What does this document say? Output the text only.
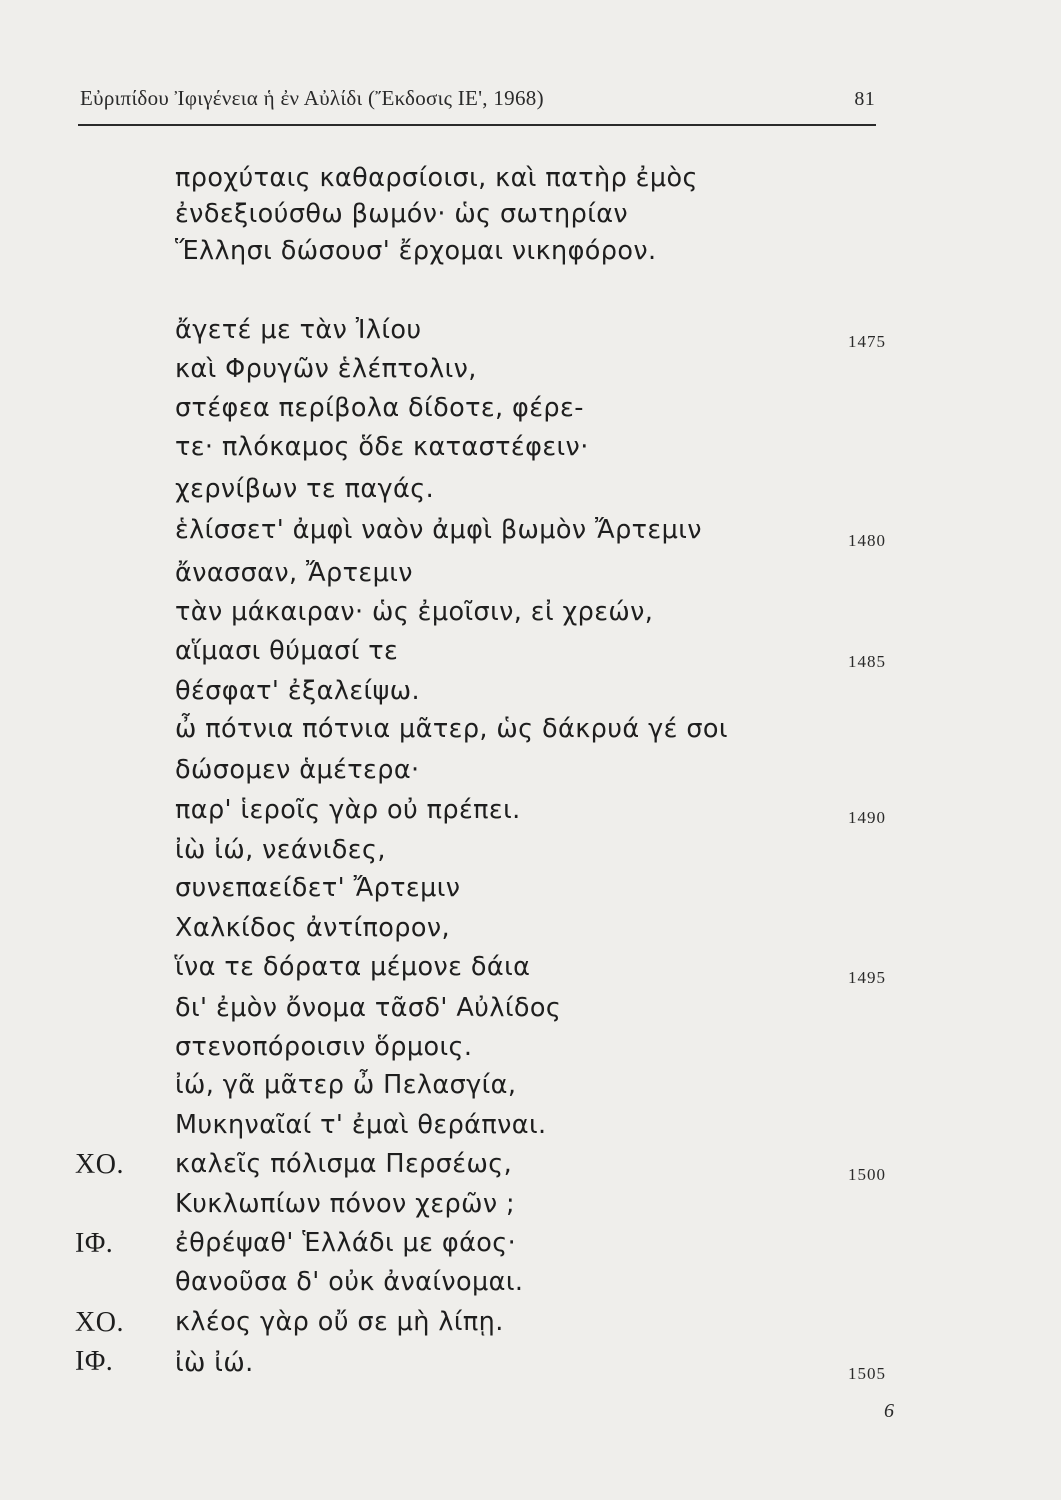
Εὐριπίδου Ἰφιγένεια ἡ ἐν Αὐλίδι (Ἔκδοσις ΙΕ', 1968)	81
προχύταις καθαρσίοισι, καὶ πατὴρ ἐμὸς
ἐνδεξιούσθω βωμόν· ὡς σωτηρίαν
Ἕλλησι δώσουσ' ἔρχομαι νικηφόρον.
ἄγετέ με τὰν Ἰλίου
καὶ Φρυγῶν ἑλέπτολιν,
στέφεα περίβολα δίδοτε, φέρε-
τε· πλόκαμος ὅδε καταστέφειν·
χερνίβων τε παγάς.
ἑλίσσετ' ἀμφὶ ναὸν ἀμφὶ βωμὸν Ἄρτεμιν
ἄνασσαν, Ἄρτεμιν
τὰν μάκαιραν· ὡς ἐμοῖσιν, εἰ χρεών,
αἵμασι θύμασί τε
θέσφατ' ἐξαλείψω.
ὦ πότνια πότνια μᾶτερ, ὡς δάκρυά γέ σοι
δώσομεν ἁμέτερα·
παρ' ἱεροῖς γὰρ οὐ πρέπει.
ἰὼ ἰώ, νεάνιδες,
συνεπαείδετ' Ἄρτεμιν
Χαλκίδος ἀντίπορον,
ἵνα τε δόρατα μέμονε δάια
δι' ἐμὸν ὄνομα τᾶσδ' Αὐλίδος
στενοπόροισιν ὅρμοις.
ἰώ, γᾶ μᾶτερ ὦ Πελασγία,
Μυκηναῖαί τ' ἐμαὶ θεράπναι.
καλεῖς πόλισμα Περσέως,
Κυκλωπίων πόνον χερῶν ;
ἐθρέψαθ' Ἑλλάδι με φάος·
θανοῦσα δ' οὐκ ἀναίνομαι.
κλέος γὰρ οὔ σε μὴ λίπῃ.
ἰὼ ἰώ.
1475
1480
1485
1490
1495
1500
1505
ΧΟ.
ΙΦ.
ΧΟ.
ΙΦ.
6
